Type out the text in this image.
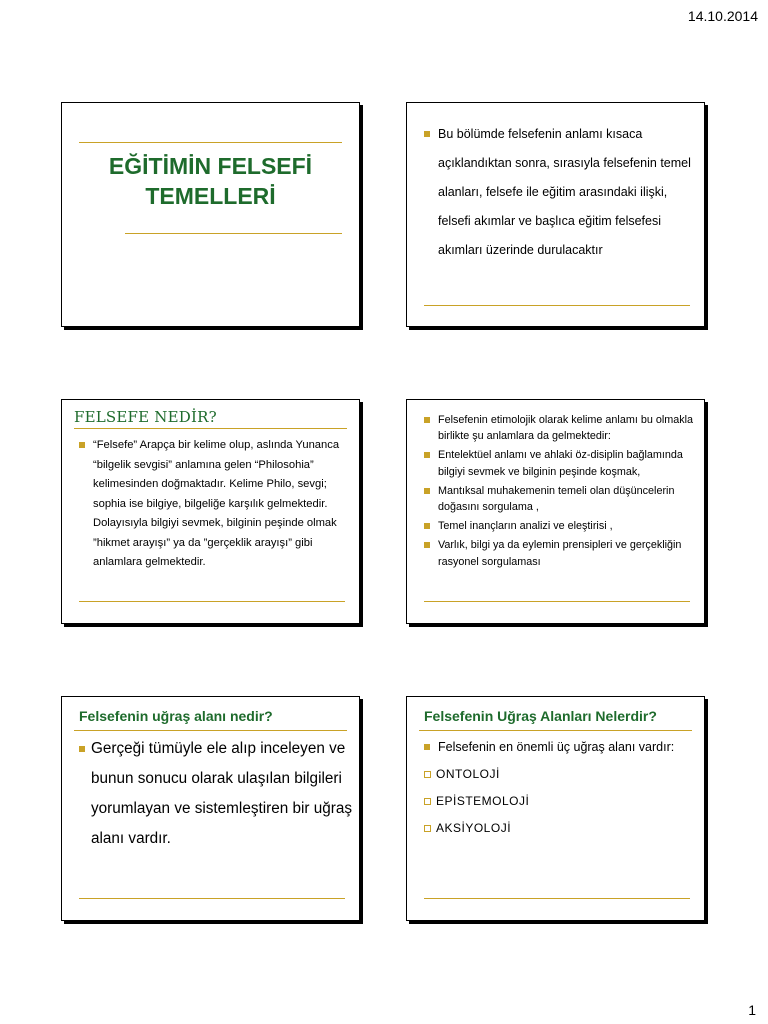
14.10.2014
EĞİTİMİN FELSEFİ
TEMELLERİ
Bu bölümde felsefenin anlamı kısaca açıklandıktan sonra, sırasıyla felsefenin temel alanları, felsefe ile eğitim arasındaki ilişki, felsefi akımlar ve başlıca eğitim felsefesi akımları üzerinde durulacaktır
FELSEFE NEDİR?
“Felsefe” Arapça bir kelime olup, aslında Yunanca “bilgelik sevgisi” anlamına gelen “Philosohia” kelimesinden doğmaktadır. Kelime Philo, sevgi; sophia ise bilgiye, bilgeliğe karşılık gelmektedir. Dolayısıyla bilgiyi sevmek, bilginin peşinde olmak ”hikmet arayışı” ya da ”gerçeklik arayışı” gibi anlamlara gelmektedir.
Felsefenin etimolojik olarak kelime anlamı bu olmakla birlikte şu anlamlara da gelmektedir:
Entelektüel anlamı ve ahlaki öz-disiplin bağlamında bilgiyi sevmek ve bilginin peşinde koşmak,
Mantıksal muhakemenin temeli olan düşüncelerin doğasını sorgulama ,
Temel inançların analizi ve eleştirisi ,
Varlık, bilgi ya da eylemin prensipleri ve gerçekliğin rasyonel sorgulaması
Felsefenin uğraş alanı nedir?
Gerçeği tümüyle ele alıp inceleyen ve bunun sonucu olarak ulaşılan bilgileri yorumlayan ve sistemleştiren bir uğraş alanı vardır.
Felsefenin Uğraş Alanları Nelerdir?
Felsefenin en önemli üç uğraş alanı vardır:
ONTOLOJİ
EPİSTEMOLOJİ
AKSİYOLOJİ
1
